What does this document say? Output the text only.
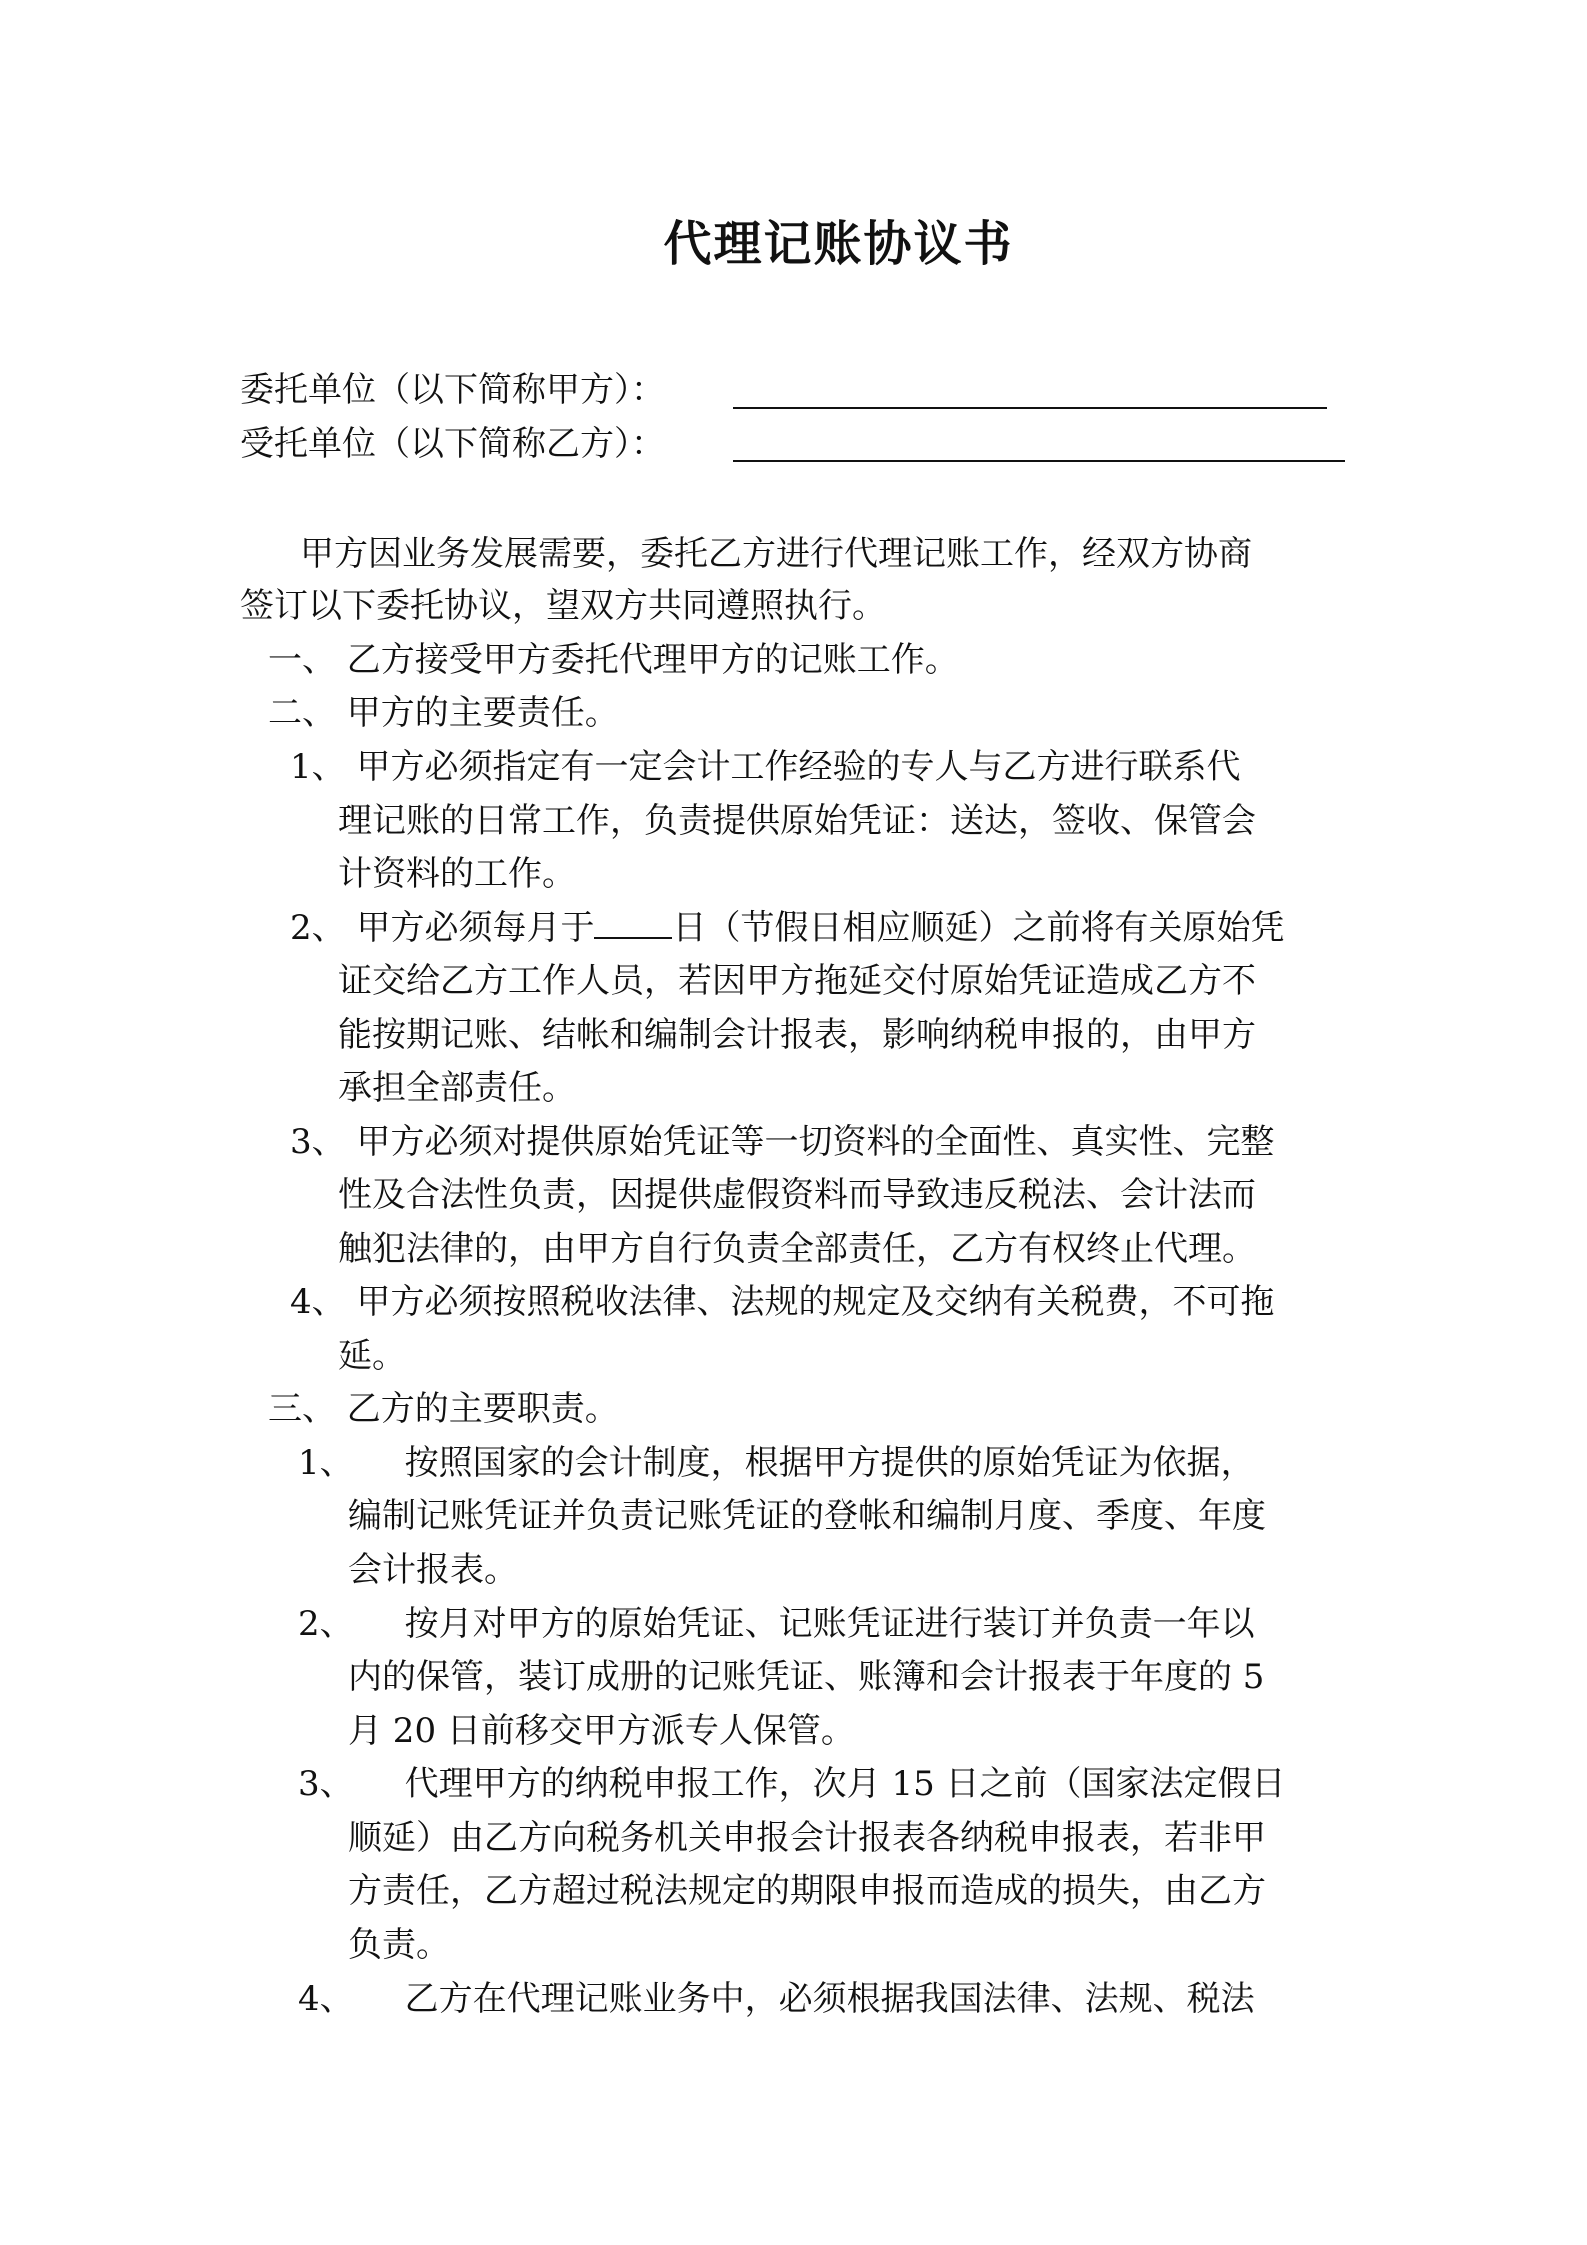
代理记账协议书
委托单位（以下简称甲方）：
受托单位（以下简称乙方）：
甲方因业务发展需要，委托乙方进行代理记账工作，经双方协商
签订以下委托协议，望双方共同遵照执行。
一、 乙方接受甲方委托代理甲方的记账工作。
二、 甲方的主要责任。
1、 甲方必须指定有一定会计工作经验的专人与乙方进行联系代
理记账的日常工作，负责提供原始凭证：送达，签收、保管会
计资料的工作。
2、 甲方必须每月于 日（节假日相应顺延）之前将有关原始凭
证交给乙方工作人员，若因甲方拖延交付原始凭证造成乙方不
能按期记账、结帐和编制会计报表，影响纳税申报的，由甲方
承担全部责任。
3、 甲方必须对提供原始凭证等一切资料的全面性、真实性、完整
性及合法性负责，因提供虚假资料而导致违反税法、会计法而
触犯法律的，由甲方自行负责全部责任，乙方有权终止代理。
4、 甲方必须按照税收法律、法规的规定及交纳有关税费，不可拖
延。
三、 乙方的主要职责。
1、　　按照国家的会计制度，根据甲方提供的原始凭证为依据，
编制记账凭证并负责记账凭证的登帐和编制月度、季度、年度
会计报表。
2、　　按月对甲方的原始凭证、记账凭证进行装订并负责一年以
内的保管，装订成册的记账凭证、账簿和会计报表于年度的 5
月 20 日前移交甲方派专人保管。
3、　　代理甲方的纳税申报工作，次月 15 日之前（国家法定假日
顺延）由乙方向税务机关申报会计报表各纳税申报表，若非甲
方责任，乙方超过税法规定的期限申报而造成的损失，由乙方
负责。
4、　　乙方在代理记账业务中，必须根据我国法律、法规、税法
